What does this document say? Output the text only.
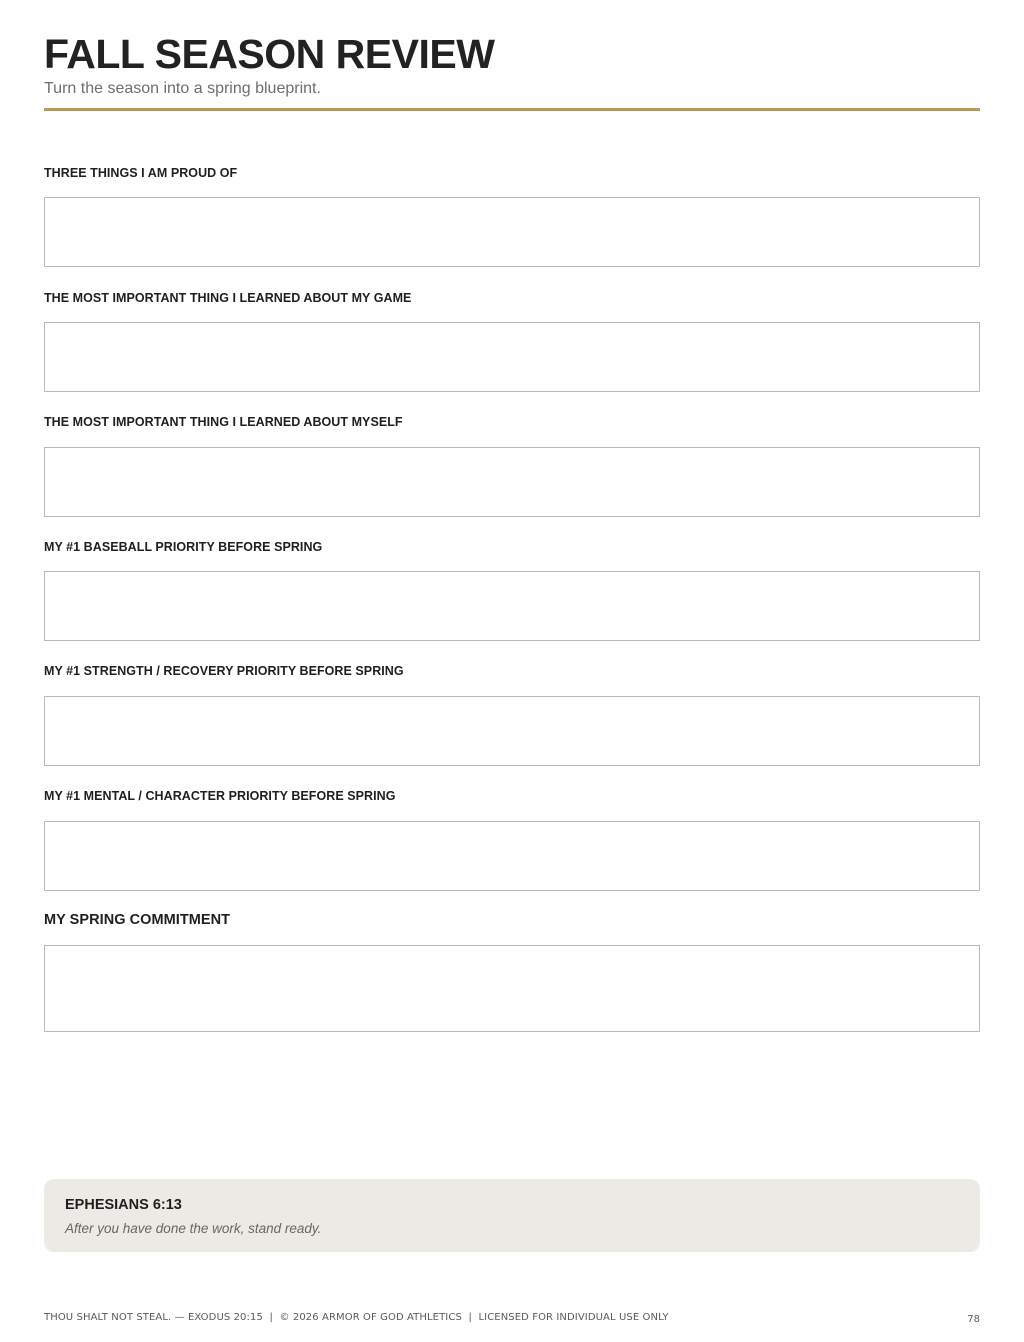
FALL SEASON REVIEW

Turn the season into a spring blueprint.

THREE THINGS I AM PROUD OF

THE MOST IMPORTANT THING I LEARNED ABOUT MY GAME

THE MOST IMPORTANT THING I LEARNED ABOUT MYSELF

MY #1 BASEBALL PRIORITY BEFORE SPRING

MY #1 STRENGTH / RECOVERY PRIORITY BEFORE SPRING

MY #1 MENTAL / CHARACTER PRIORITY BEFORE SPRING

MY SPRING COMMITMENT

EPHESIANS 6:13

After you have done the work, stand ready.

THOU SHALT NOT STEAL. — EXODUS 20:15  |  © 2026 ARMOR OF GOD ATHLETICS  |  LICENSED FOR INDIVIDUAL USE ONLY	78
